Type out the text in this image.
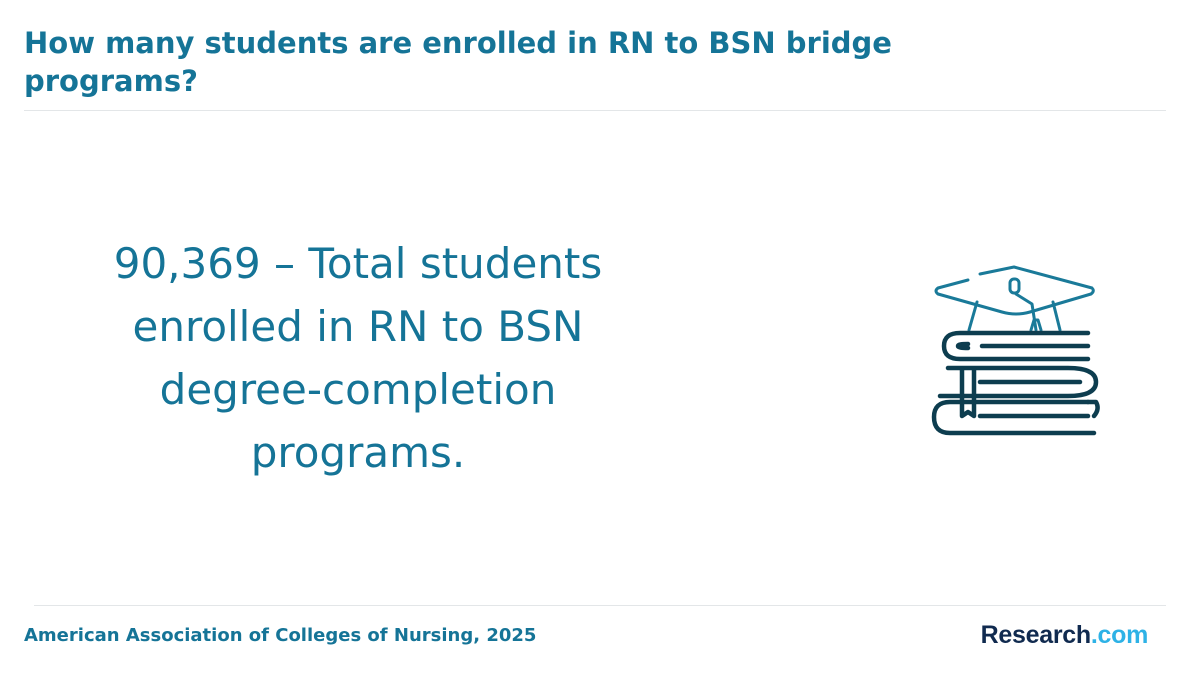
How many students are enrolled in RN to BSN bridge programs?
90,369 – Total students enrolled in RN to BSN degree-completion programs.
American Association of Colleges of Nursing, 2025	Research.com
